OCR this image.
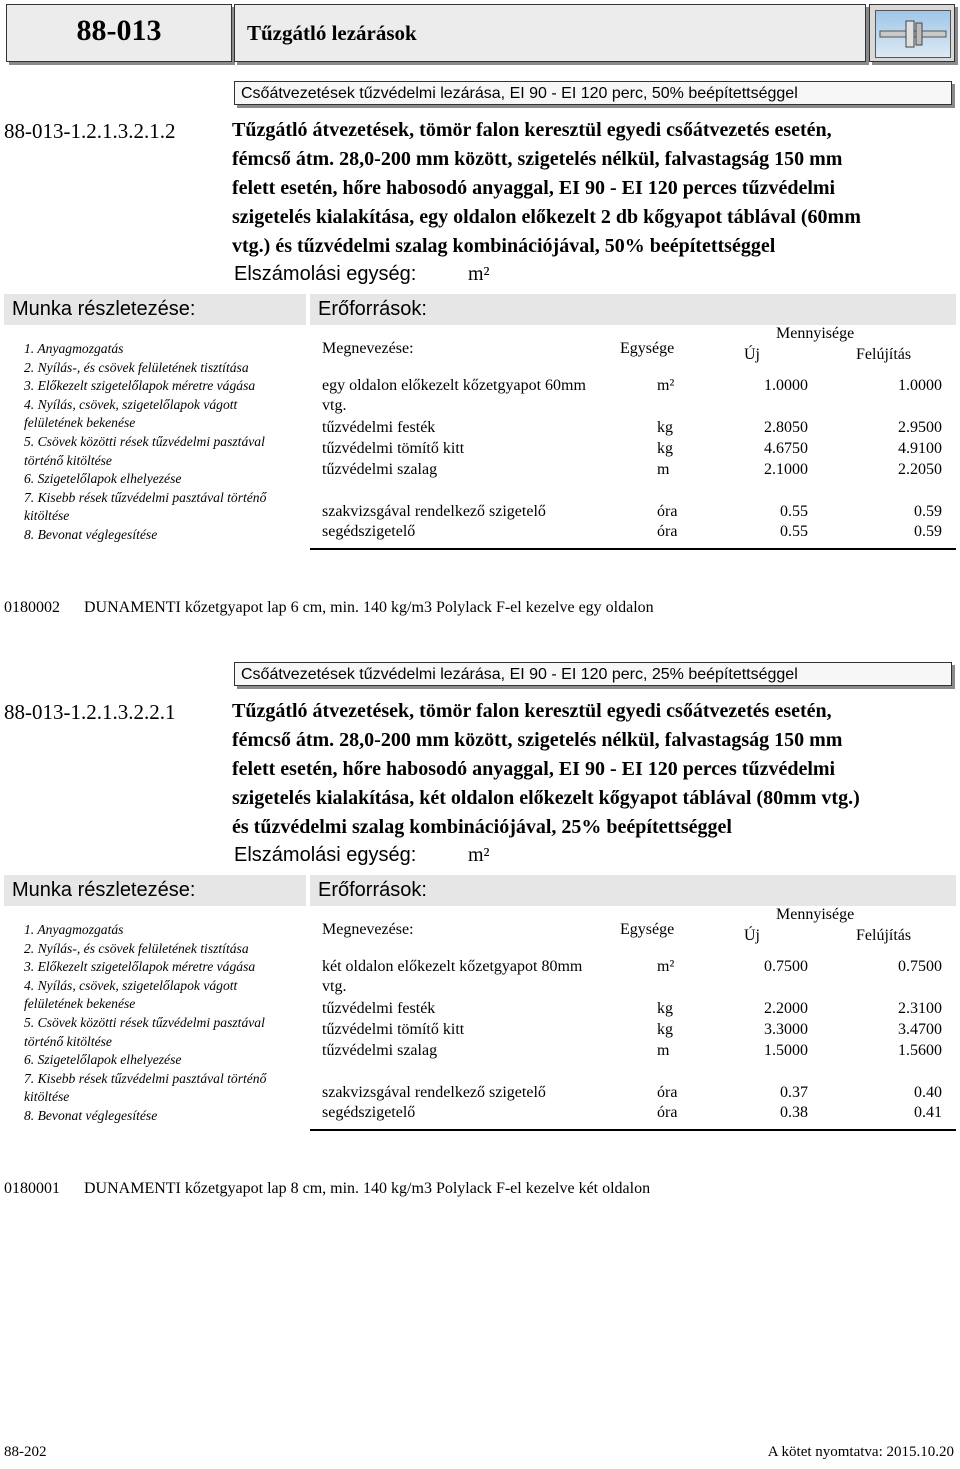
88-013	Tűzgátló lezárások
Csőátvezetések tűzvédelmi lezárása, EI 90 - EI 120 perc, 50% beépítettséggel
88-013-1.2.1.3.2.1.2	Tűzgátló átvezetések, tömör falon keresztül egyedi csőátvezetés esetén,
fémcső átm. 28,0-200 mm között, szigetelés nélkül, falvastagság 150 mm
felett esetén, hőre habosodó anyaggal, EI 90 - EI 120 perces tűzvédelmi
szigetelés kialakítása, egy oldalon előkezelt 2 db kőgyapot táblával (60mm
vtg.) és tűzvédelmi szalag kombinációjával, 50% beépítettséggel
Elszámolási egység:	m²
Munka részletezése:	Erőforrások:
1. Anyagmozgatás
2. Nyílás-, és csövek felületének tisztítása
3. Előkezelt szigetelőlapok méretre vágása
4. Nyílás, csövek, szigetelőlapok vágott
felületének bekenése
5. Csövek közötti rések tűzvédelmi pasztával
történő kitöltése
6. Szigetelőlapok elhelyezése
7. Kisebb rések tűzvédelmi pasztával történő
kitöltése
8. Bevonat véglegesítése
Megnevezése:	Egysége
Mennyisége
Új	Felújítás
egy oldalon előkezelt kőzetgyapot 60mm
vtg.
m²	1.0000	1.0000
tűzvédelmi festék	kg	2.8050	2.9500
tűzvédelmi tömítő kitt	kg	4.6750	4.9100
tűzvédelmi szalag	m	2.1000	2.2050
szakvizsgával rendelkező szigetelő	óra	0.55	0.59
segédszigetelő	óra	0.55	0.59
0180002 DUNAMENTI kőzetgyapot lap 6 cm, min. 140 kg/m3 Polylack F-el kezelve egy oldalon
Csőátvezetések tűzvédelmi lezárása, EI 90 - EI 120 perc, 25% beépítettséggel
88-013-1.2.1.3.2.2.1	Tűzgátló átvezetések, tömör falon keresztül egyedi csőátvezetés esetén,
fémcső átm. 28,0-200 mm között, szigetelés nélkül, falvastagság 150 mm
felett esetén, hőre habosodó anyaggal, EI 90 - EI 120 perces tűzvédelmi
szigetelés kialakítása, két oldalon előkezelt kőgyapot táblával (80mm vtg.)
és tűzvédelmi szalag kombinációjával, 25% beépítettséggel
Elszámolási egység:	m²
Munka részletezése:	Erőforrások:
1. Anyagmozgatás
2. Nyílás-, és csövek felületének tisztítása
3. Előkezelt szigetelőlapok méretre vágása
4. Nyílás, csövek, szigetelőlapok vágott
felületének bekenése
5. Csövek közötti rések tűzvédelmi pasztával
történő kitöltése
6. Szigetelőlapok elhelyezése
7. Kisebb rések tűzvédelmi pasztával történő
kitöltése
8. Bevonat véglegesítése
Megnevezése:	Egysége
Mennyisége
Új	Felújítás
két oldalon előkezelt kőzetgyapot 80mm
vtg.
m²	0.7500	0.7500
tűzvédelmi festék	kg	2.2000	2.3100
tűzvédelmi tömítő kitt	kg	3.3000	3.4700
tűzvédelmi szalag	m	1.5000	1.5600
szakvizsgával rendelkező szigetelő	óra	0.37	0.40
segédszigetelő	óra	0.38	0.41
0180001 DUNAMENTI kőzetgyapot lap 8 cm, min. 140 kg/m3 Polylack F-el kezelve két oldalon
88-202	A kötet nyomtatva: 2015.10.20
